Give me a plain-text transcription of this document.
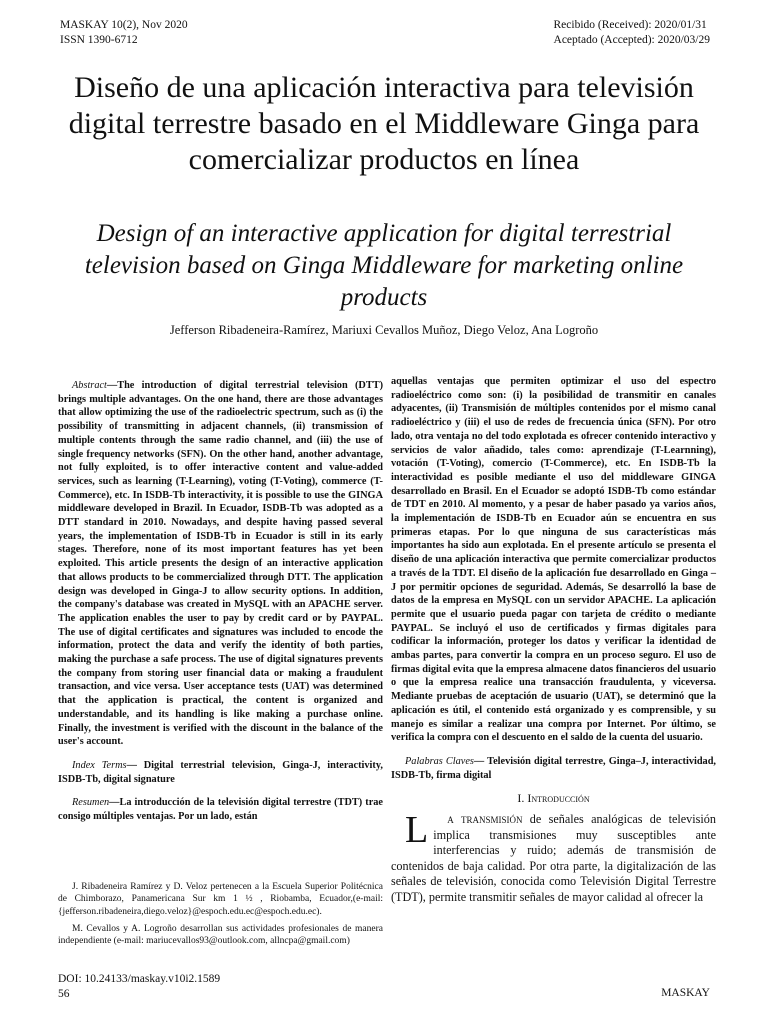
MASKAY 10(2), Nov 2020
ISSN 1390-6712
Recibido (Received): 2020/01/31
Aceptado (Accepted): 2020/03/29
Diseño de una aplicación interactiva para televisión digital terrestre basado en el Middleware Ginga para comercializar productos en línea
Design of an interactive application for digital terrestrial television based on Ginga Middleware for marketing online products
Jefferson Ribadeneira-Ramírez, Mariuxi Cevallos Muñoz, Diego Veloz, Ana Logroño

Abstract—The introduction of digital terrestrial television (DTT) brings multiple advantages. On the one hand, there are those advantages that allow optimizing the use of the radioelectric spectrum, such as (i) the possibility of transmitting in adjacent channels, (ii) transmission of multiple contents through the same radio channel, and (iii) the use of single frequency networks (SFN). On the other hand, another advantage, not fully exploited, is to offer interactive content and value-added services, such as learning (T-Learning), voting (T-Voting), commerce (T-Commerce), etc. In ISDB-Tb interactivity, it is possible to use the GINGA middleware developed in Brazil. In Ecuador, ISDB-Tb was adopted as a DTT standard in 2010. Nowadays, and despite having passed several years, the implementation of ISDB-Tb in Ecuador is still in its early stages. Therefore, none of its most important features has yet been exploited. This article presents the design of an interactive application that allows products to be commercialized through DTT. The application design was developed in Ginga-J to allow security options. In addition, the company's database was created in MySQL with an APACHE server. The application enables the user to pay by credit card or by PAYPAL. The use of digital certificates and signatures was included to encode the information, protect the data and verify the identity of both parties, making the purchase a safe process. The use of digital signatures prevents the company from storing user financial data or making a fraudulent transaction, and vice versa. User acceptance tests (UAT) was determined that the application is practical, the content is organized and understandable, and its handling is like making a purchase online. Finally, the investment is verified with the discount in the balance of the user's account.

Index Terms— Digital terrestrial television, Ginga-J, interactivity, ISDB-Tb, digital signature

Resumen—La introducción de la televisión digital terrestre (TDT) trae consigo múltiples ventajas. Por un lado, están

J. Ribadeneira Ramírez y D. Veloz pertenecen a la Escuela Superior Politécnica de Chimborazo, Panamericana Sur km 1 ½ , Riobamba, Ecuador,(e-mail:{jefferson.ribadeneira,diego.veloz}@espoch.edu.ec@espoch.edu.ec).

M. Cevallos y A. Logroño desarrollan sus actividades profesionales de manera independiente (e-mail: mariucevallos93@outlook.com, allncpa@gmail.com)

aquellas ventajas que permiten optimizar el uso del espectro radioeléctrico como son: (i) la posibilidad de transmitir en canales adyacentes, (ii) Transmisión de múltiples contenidos por el mismo canal radioeléctrico y (iii) el uso de redes de frecuencia única (SFN). Por otro lado, otra ventaja no del todo explotada es ofrecer contenido interactivo y servicios de valor añadido, tales como: aprendizaje (T-Learnning), votación (T-Voting), comercio (T-Commerce), etc. En ISDB-Tb la interactividad es posible mediante el uso del middleware GINGA desarrollado en Brasil. En el Ecuador se adoptó ISDB-Tb como estándar de TDT en 2010. Al momento, y a pesar de haber pasado ya varios años, la implementación de ISDB-Tb en Ecuador aún se encuentra en sus primeras etapas. Por lo que ninguna de sus características más importantes ha sido aun explotada. En el presente artículo se presenta el diseño de una aplicación interactiva que permite comercializar productos a través de la TDT. El diseño de la aplicación fue desarrollado en Ginga – J por permitir opciones de seguridad. Además, Se desarrolló la base de datos de la empresa en MySQL con un servidor APACHE. La aplicación permite que el usuario pueda pagar con tarjeta de crédito o mediante PAYPAL. Se incluyó el uso de certificados y firmas digitales para codificar la información, proteger los datos y verificar la identidad de ambas partes, para convertir la compra en un proceso seguro. El uso de firmas digital evita que la empresa almacene datos financieros del usuario o que la empresa realice una transacción fraudulenta, y viceversa. Mediante pruebas de aceptación de usuario (UAT), se determinó que la aplicación es útil, el contenido está organizado y es comprensible, y su manejo es similar a realizar una compra por Internet. Por último, se verifica la compra con el descuento en el saldo de la cuenta del usuario.

Palabras Claves— Televisión digital terrestre, Ginga–J, interactividad, ISDB-Tb, firma digital

I. Introducción

L a transmisión de señales analógicas de televisión implica transmisiones muy susceptibles ante interferencias y ruido; además de transmisión de contenidos de baja calidad. Por otra parte, la digitalización de las señales de televisión, conocida como Televisión Digital Terrestre (TDT), permite transmitir señales de mayor calidad al ofrecer la

DOI: 10.24133/maskay.v10i2.1589
56	MASKAY
